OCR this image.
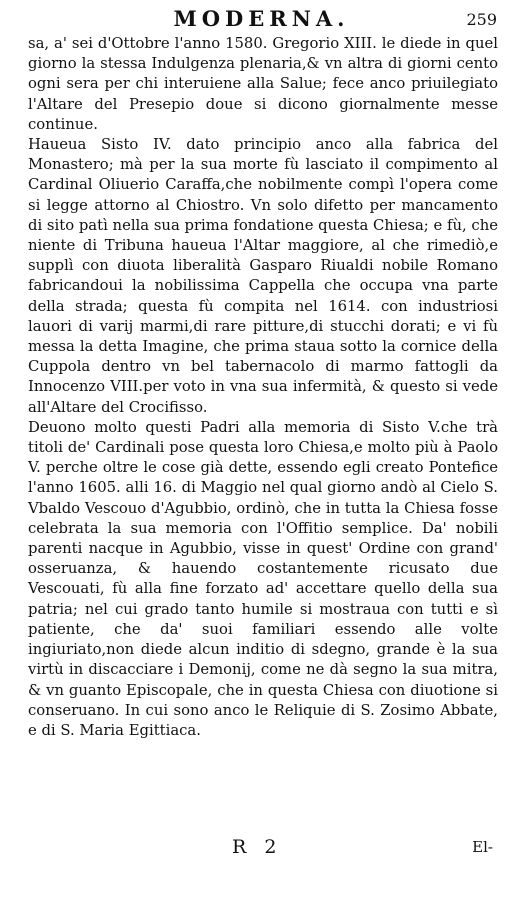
MODERNA.	259

sa, a' sei d'Ottobre l'anno 1580. Gregorio XIII. le diede in quel giorno la stessa Indulgenza plenaria,& vn altra di giorni cento ogni sera per chi interuiene alla Salue; fece anco priuilegiato l'Altare del Presepio doue si dicono giornalmente messe continue.

Haueua Sisto IV. dato principio anco alla fabrica del Monastero; mà per la sua morte fù lasciato il compimento al Cardinal Oliuerio Caraffa,che nobilmente compì l'opera come si legge attorno al Chiostro. Vn solo difetto per mancamento di sito patì nella sua prima fondatione questa Chiesa; e fù, che niente di Tribuna haueua l'Altar maggiore, al che rimediò,e supplì con diuota liberalità Gasparo Riualdi nobile Romano fabricandoui la nobilissima Cappella che occupa vna parte della strada; questa fù compita nel 1614. con industriosi lauori di varij marmi,di rare pitture,di stucchi dorati; e vi fù messa la detta Imagine, che prima staua sotto la cornice della Cuppola dentro vn bel tabernacolo di marmo fattogli da Innocenzo VIII.per voto in vna sua infermità, & questo si vede all'Altare del Crocifisso.

Deuono molto questi Padri alla memoria di Sisto V.che trà titoli de' Cardinali pose questa loro Chiesa,e molto più à Paolo V. perche oltre le cose già dette, essendo egli creato Pontefice l'anno 1605. alli 16. di Maggio nel qual giorno andò al Cielo S. Vbaldo Vescouo d'Agubbio, ordinò, che in tutta la Chiesa fosse celebrata la sua memoria con l'Offitio semplice. Da' nobili parenti nacque in Agubbio, visse in quest' Ordine con grand' osseruanza, & hauendo costantemente ricusato due Vescouati, fù alla fine forzato ad' accettare quello della sua patria; nel cui grado tanto humile si mostraua con tutti e sì patiente, che da' suoi familiari essendo alle volte ingiuriato,non diede alcun inditio di sdegno, grande è la sua virtù in discacciare i Demonij, come ne dà segno la sua mitra, & vn guanto Episcopale, che in questa Chiesa con diuotione si conseruano. In cui sono anco le Reliquie di S. Zosimo Abbate, e di S. Maria Egittiaca.

R 2	El-
